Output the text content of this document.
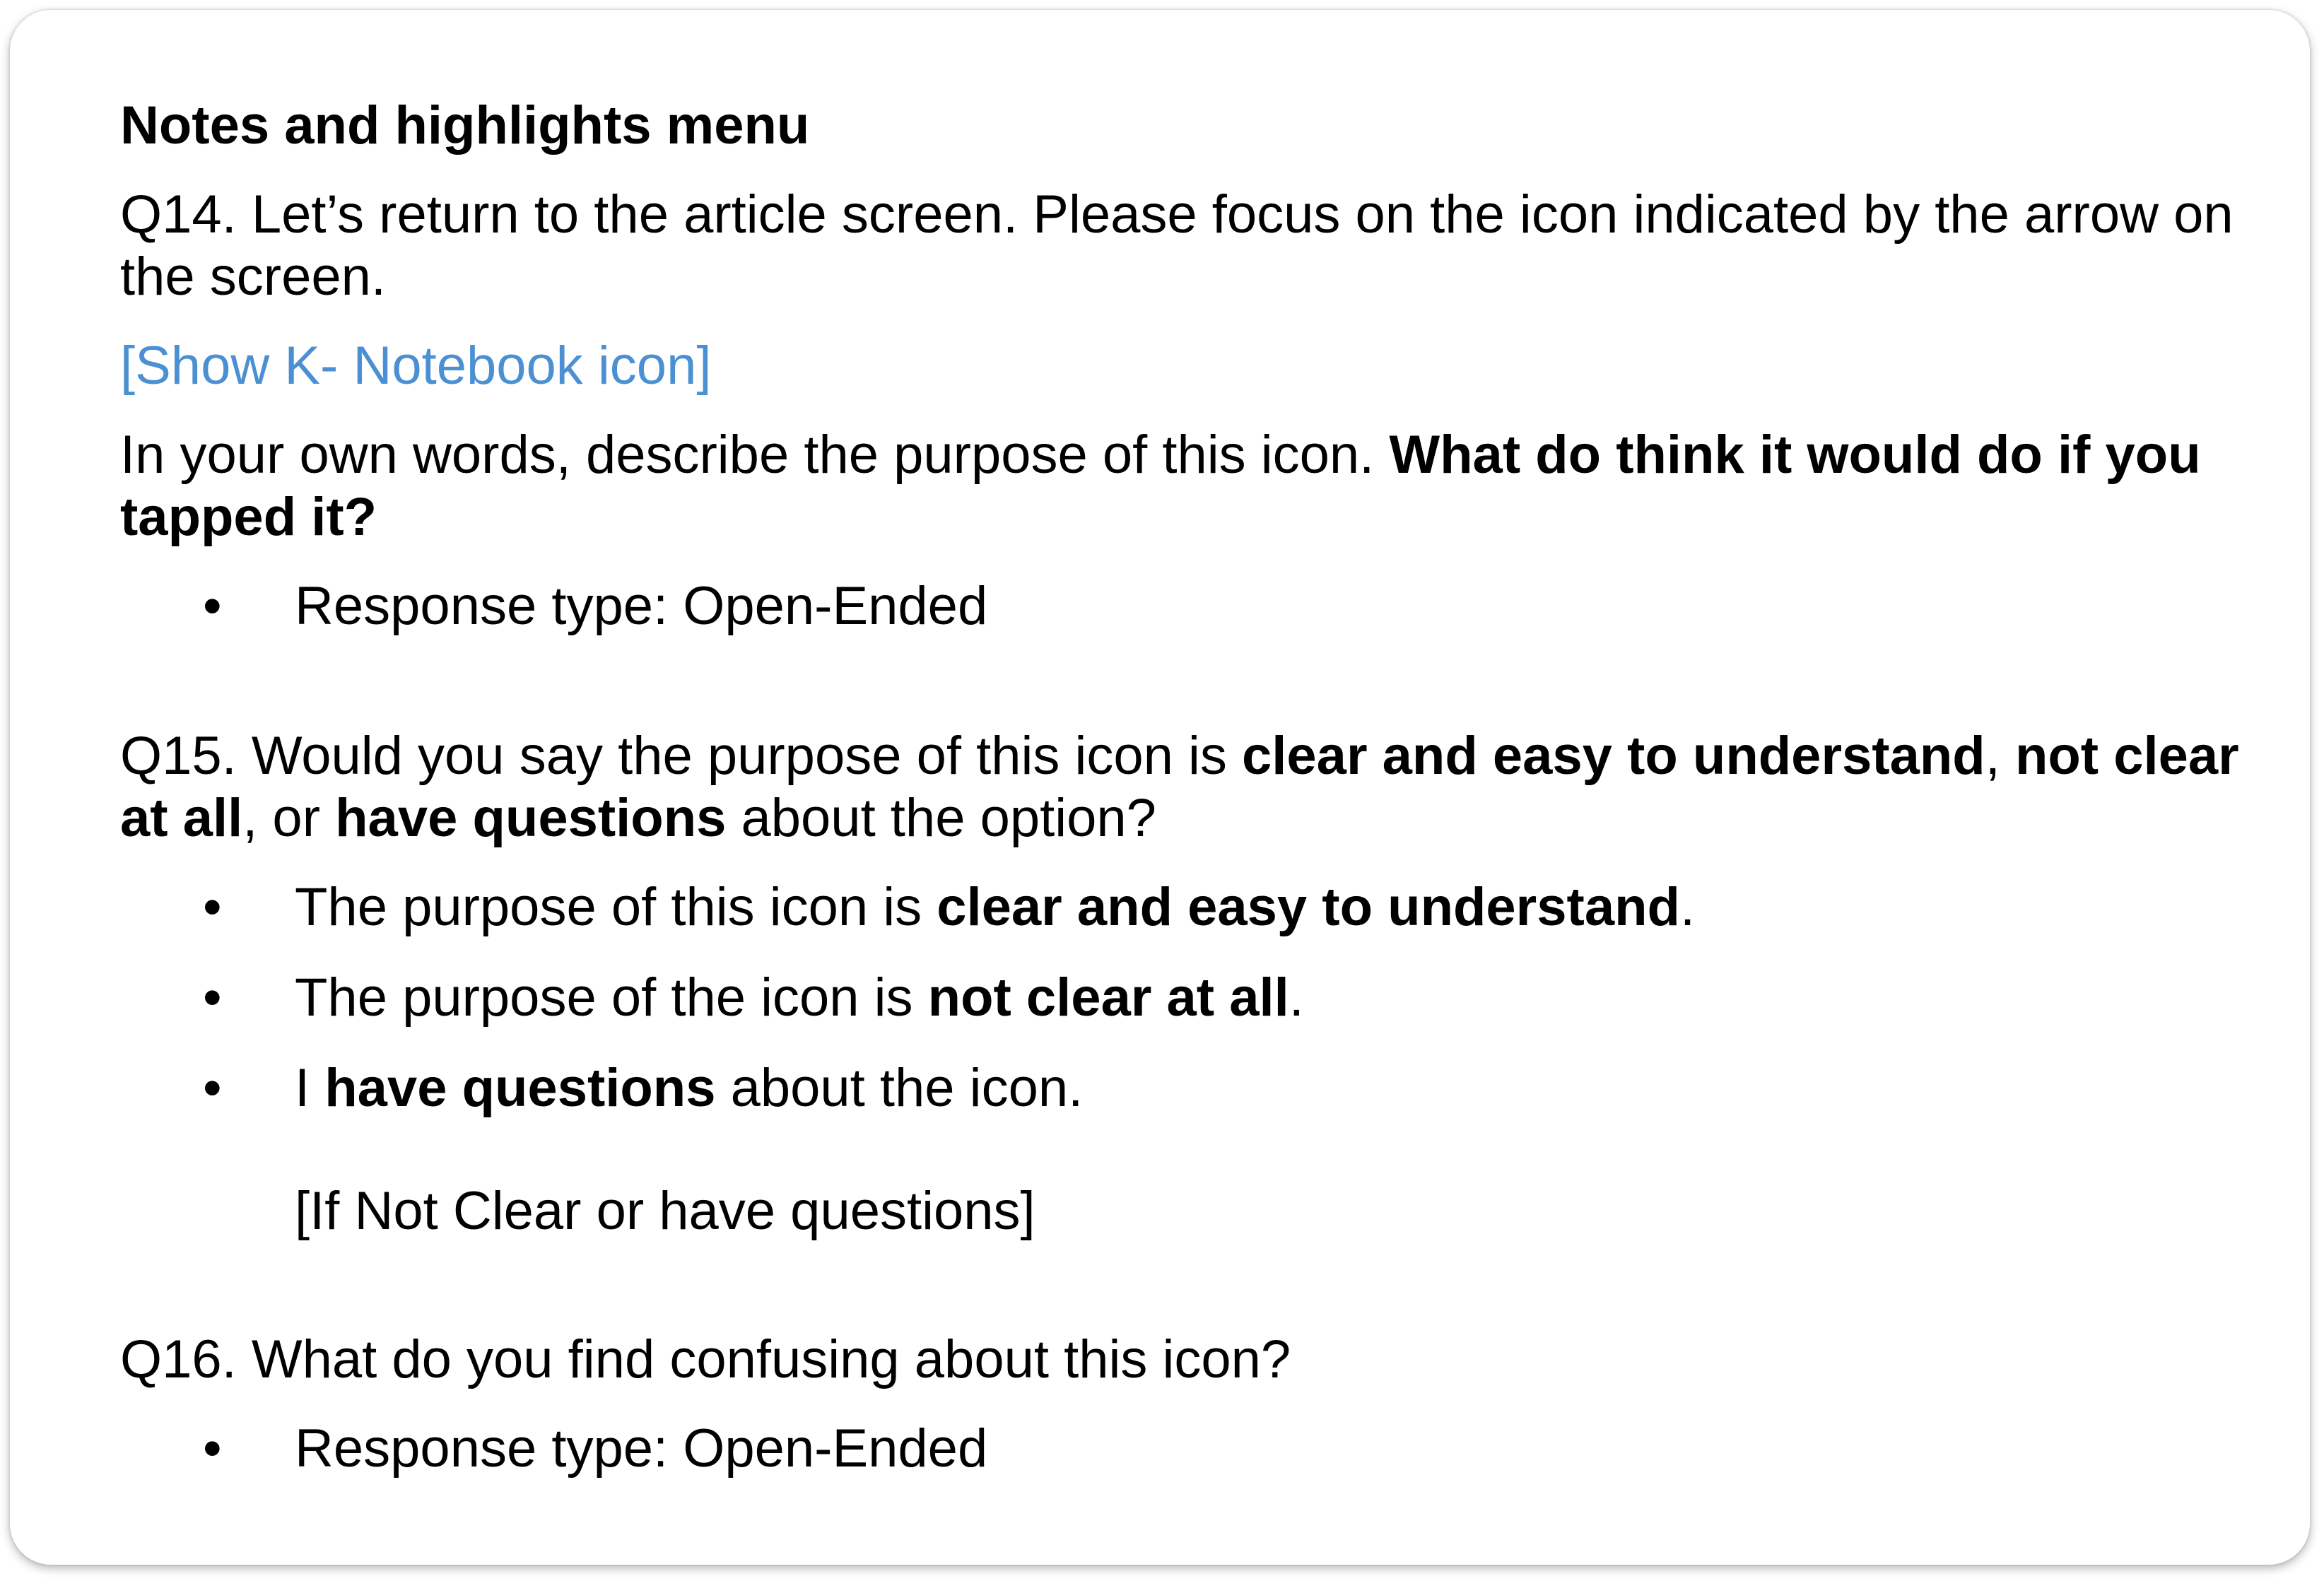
Notes and highlights menu

Q14. Let’s return to the article screen. Please focus on the icon indicated by the arrow on the screen.

[Show K- Notebook icon]

In your own words, describe the purpose of this icon. What do think it would do if you tapped it?

• Response type: Open-Ended

Q15. Would you say the purpose of this icon is clear and easy to understand, not clear at all, or have questions about the option?

• The purpose of this icon is clear and easy to understand.
• The purpose of the icon is not clear at all.
• I have questions about the icon.

[If Not Clear or have questions]

Q16. What do you find confusing about this icon?

• Response type: Open-Ended
